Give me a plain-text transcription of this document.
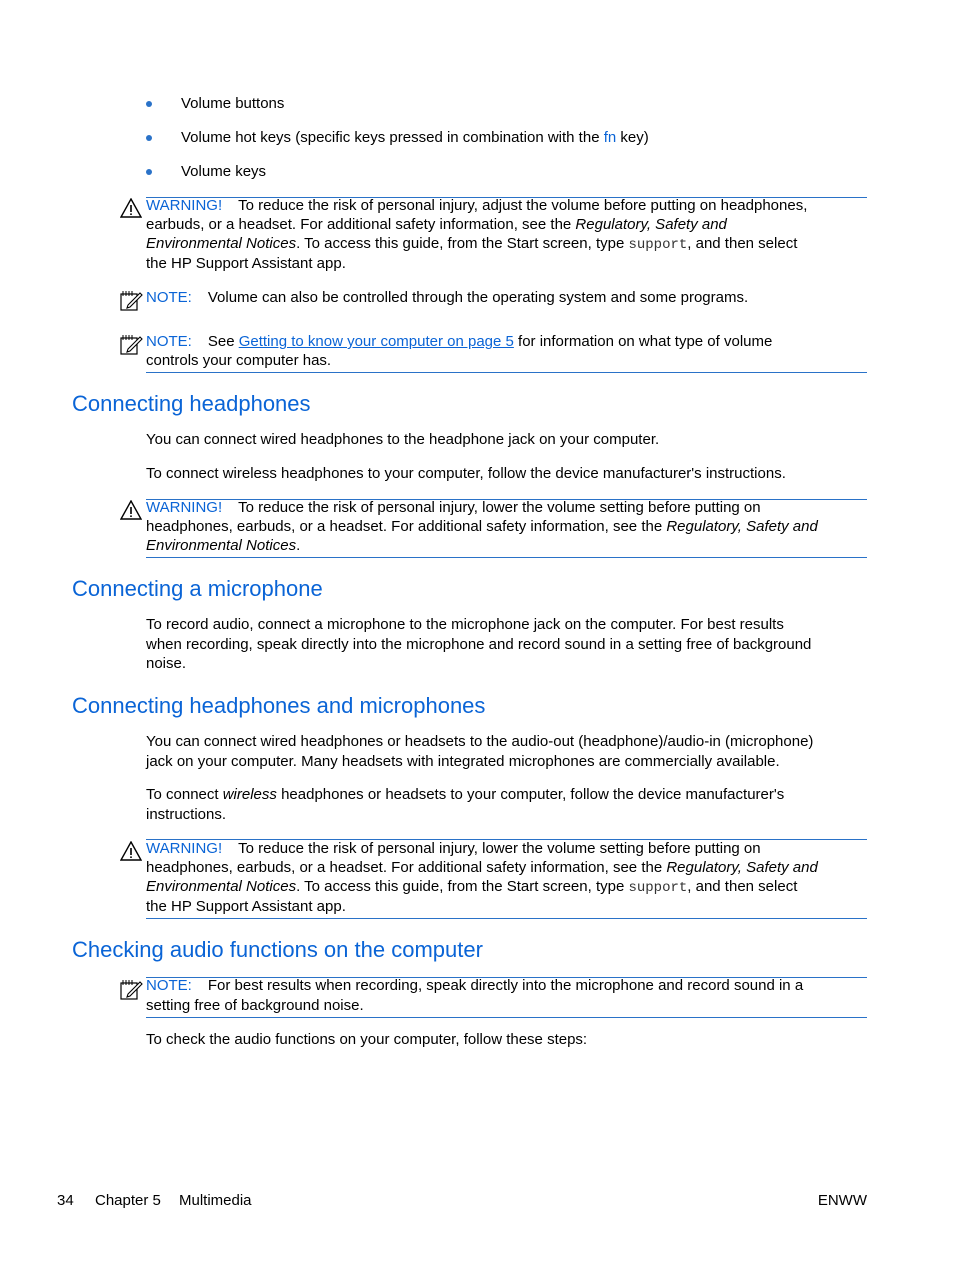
Volume buttons
Volume hot keys (specific keys pressed in combination with the fn key)
Volume keys
WARNING! To reduce the risk of personal injury, adjust the volume before putting on headphones,
earbuds, or a headset. For additional safety information, see the Regulatory, Safety and
Environmental Notices. To access this guide, from the Start screen, type support, and then select
the HP Support Assistant app.
NOTE: Volume can also be controlled through the operating system and some programs.
NOTE: See Getting to know your computer on page 5 for information on what type of volume
controls your computer has.
Connecting headphones
You can connect wired headphones to the headphone jack on your computer.
To connect wireless headphones to your computer, follow the device manufacturer's instructions.
WARNING! To reduce the risk of personal injury, lower the volume setting before putting on
headphones, earbuds, or a headset. For additional safety information, see the Regulatory, Safety and
Environmental Notices.
Connecting a microphone
To record audio, connect a microphone to the microphone jack on the computer. For best results
when recording, speak directly into the microphone and record sound in a setting free of background
noise.
Connecting headphones and microphones
You can connect wired headphones or headsets to the audio-out (headphone)/audio-in (microphone)
jack on your computer. Many headsets with integrated microphones are commercially available.
To connect wireless headphones or headsets to your computer, follow the device manufacturer's
instructions.
WARNING! To reduce the risk of personal injury, lower the volume setting before putting on
headphones, earbuds, or a headset. For additional safety information, see the Regulatory, Safety and
Environmental Notices. To access this guide, from the Start screen, type support, and then select
the HP Support Assistant app.
Checking audio functions on the computer
NOTE: For best results when recording, speak directly into the microphone and record sound in a
setting free of background noise.
To check the audio functions on your computer, follow these steps:
34 Chapter 5 Multimedia	ENWW
